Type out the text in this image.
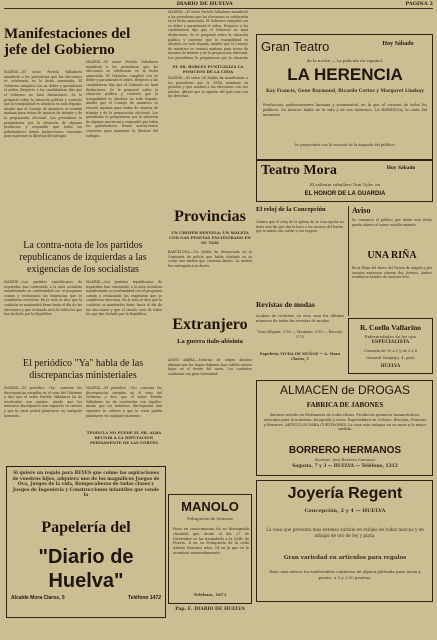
DIARIO DE HUELVA	PAGINA 2
Manifestaciones del jefe del Gobierno

MADRID.—El señor Portela Valladares manifestó a los periodistas que las elecciones se celebrarán en la fecha anunciada. El Gobierno cumplirá con su deber y garantizará el orden. Respecto a las candidaturas dijo que el Gobierno no hará distinciones. Se le preguntó sobre la situación política y contestó que la tranquilidad es absoluta en toda España. Añadió que el Consejo de ministros se reunirá mañana para tratar de asuntos de trámite y de la preparación electoral. Los periodistas le preguntaron por la situación de algunas provincias y respondió que todos los gobernadores tienen instrucciones concretas para mantener la libertad del sufragio.

MADRID.—El señor Portela Valladares manifestó a los periodistas que las elecciones se celebrarán en la fecha anunciada. El Gobierno cumplirá con su deber y garantizará el orden. Respecto a las candidaturas dijo que el Gobierno no hará distinciones. Se le preguntó sobre la situación política y contestó que la tranquilidad es absoluta en toda España. Añadió que el Consejo de ministros se reunirá mañana para tratar de asuntos de trámite y de la preparación electoral. Los periodistas le preguntaron por la situación de algunas provincias y respondió que todos los gobernadores tienen instrucciones concretas para mantener la libertad del sufragio.

La contra-nota de los partidos republicanos de izquierdas a las exigencias de los socialistas

MADRID.—Los partidos republicanos de izquierdas han contestado a la nota socialista manifestando su conformidad con el programa común y rechazando las exigencias que se consideran excesivas. En la nota se dice que la coalición se mantendrá firme hasta el día de las elecciones y que el triunfo será de todos los que han luchado por la República.

MADRID.—Los partidos republicanos de izquierdas han contestado a la nota socialista manifestando su conformidad con el programa común y rechazando las exigencias que se consideran excesivas. En la nota se dice que la coalición se mantendrá firme hasta el día de las elecciones y que el triunfo será de todos los que han luchado por la República.

El periódico "Ya" habla de las discrepancias ministeriales

MADRID.—El periódico «Ya» comenta las discrepancias surgidas en el seno del Gobierno y dice que el señor Portela Valladares ha de resolverlas con rapidez. Añade que los ministros discrepantes han expuesto su criterio y que la crisis podría plantearse en cualquier momento.

MADRID.—El periódico «Ya» comenta las discrepancias surgidas en el seno del Gobierno y dice que el señor Portela Valladares ha de resolverlas con rapidez. Añade que los ministros discrepantes han expuesto su criterio y que la crisis podría plantearse en cualquier momento.

TEODULA NO PUEDE EL SR. ALBA REUNIR A LA DIPUTACION PERMANENTE DE LAS CORTES
Si quiere un regalo para REYES que colme las aspiraciones de vuestros hijos, adquiera uno de los magníficos Juegos de Oca, Juegos de la vida, Rompecabezas de todas clases y Juegos de Ingeniería y Construcciones infantiles que vende la
Papelería del
"Diario de Huelva"
Alcalde Mora Claros, 5	Teléfono 1472

MADRID.—El señor Portela Valladares manifestó a los periodistas que las elecciones se celebrarán en la fecha anunciada. El Gobierno cumplirá con su deber y garantizará el orden. Respecto a las candidaturas dijo que el Gobierno no hará distinciones. Se le preguntó sobre la situación política y contestó que la tranquilidad es absoluta en toda España. Añadió que el Consejo de ministros se reunirá mañana para tratar de asuntos de trámite y de la preparación electoral. Los periodistas le preguntaron por la situación

EL SR. ROBLES PUNTUALIZA LA POSICION DE LA CEDA

MADRID.—El señor Gil Robles ha manifestado a los periodistas que la CEDA mantiene su posición y que acudirá a las elecciones con sus aliados. Afirmó que la opinión del país está con las derechas.

Provincias
UN CHOFER DESVELA; UN MALETA CON GAS PESETAS ENCONTRADO EN SU TAXI

BARCELONA.—Un chófer ha denunciado en la Comisaría de policía que había olvidado en su coche una maleta que contenía dinero. La maleta fue entregada a su dueño.

Extranjero
La guerra ítalo-abisinia

ADDIS ABEBA.—Noticias de origen abisinio afirman que las tropas italianas han sufrido nuevas bajas en el frente del norte. Los combates continúan con gran intensidad.

MANOLO
Peluquería de Señoras
Pone en conocimiento de su distinguida clientela que desde el día 27 de Diciembre se ha trasladado a la Calle de Puerto, 4 en su Peluquería de la calle Alonso Sánchez núm. 24 en la que se le atenderá esmeradamente.
Teléfono, 1871
Pap. E. DIARIO DE HUELVA
Gran Teatro	Hoy Sábado
de la noche — La película en español,
LA HERENCIA
Kay Francis, Gene Raymond, Ricardo Cortez y Margaret Lindsay
Producción poderosamente humana y sentimental, en la que el corazón de todos los públicos. Su interior habla de la vida y de sus misterios. LA HERENCIA, la cinta del momento.
Se proyectará con la ovación de la mayoría del público.
Teatro Mora	Hoy Sábado
El valiente caballero Tom Tyler, en
EL HONOR DE LA GUARDIA
El reloj de la Concepción

Cuenta que el reloj de la iglesia de la Concepción no tiene otro fin que dar la hora a los vecinos del barrio, que lo miran con cariño y con respeto.

Aviso

Se comunica al público que desde esta fecha queda abierto el nuevo establecimiento.

UNA RIÑA

En la Plaza del Barco del Puerto de Alagón y por asuntos amorosos riñeron dos jóvenes. Ambos resultaron heridos de carácter leve.

Revistas de modas
Acaban de recibirse en esta casa los últimos números de todas las revistas de modas.
Vous élégant, 2'50 — Madame, 2'50 — Record, 2'75
Papelería VIUDA DE MUÑOZ — A. Mora Claros, 5
R. Coello Vallarino
Enfermedades de los ojos
ESPECIALISTA
Consulta de 10 a 1 y de 3 a 6
General Sanjurjo, 4, pral.
HUELVA
ALMACEN de DROGAS
FABRICA DE JABONES
Extenso surtido en Perfumería de todas clases. Productos químicos farmacéuticos. Artículos para la industria, fotografía y otros. Especialidad en Colores, Brochas, Pinturas y Barnices. ARTICULOS PARA CURTIDORES. La casa más antigua en su ramo y la mejor surtida.
BORRERO HERMANOS
Sucesor: José Borrero Carrasco
Sagasta, 7 y 3 — HUELVA — Teléfono, 1312
Joyería Regent
Concepción, 2 y 4 — HUELVA
La casa que presenta más extenso surtido en relojes de todas marcas y en alhajas de oro de ley y plata.
Gran variedad en artículos para regalos
Esta casa ofrece los inalterables cubiertos de alpaca plateada para mesa y postre, a 3 y 2'50 pesetas.
